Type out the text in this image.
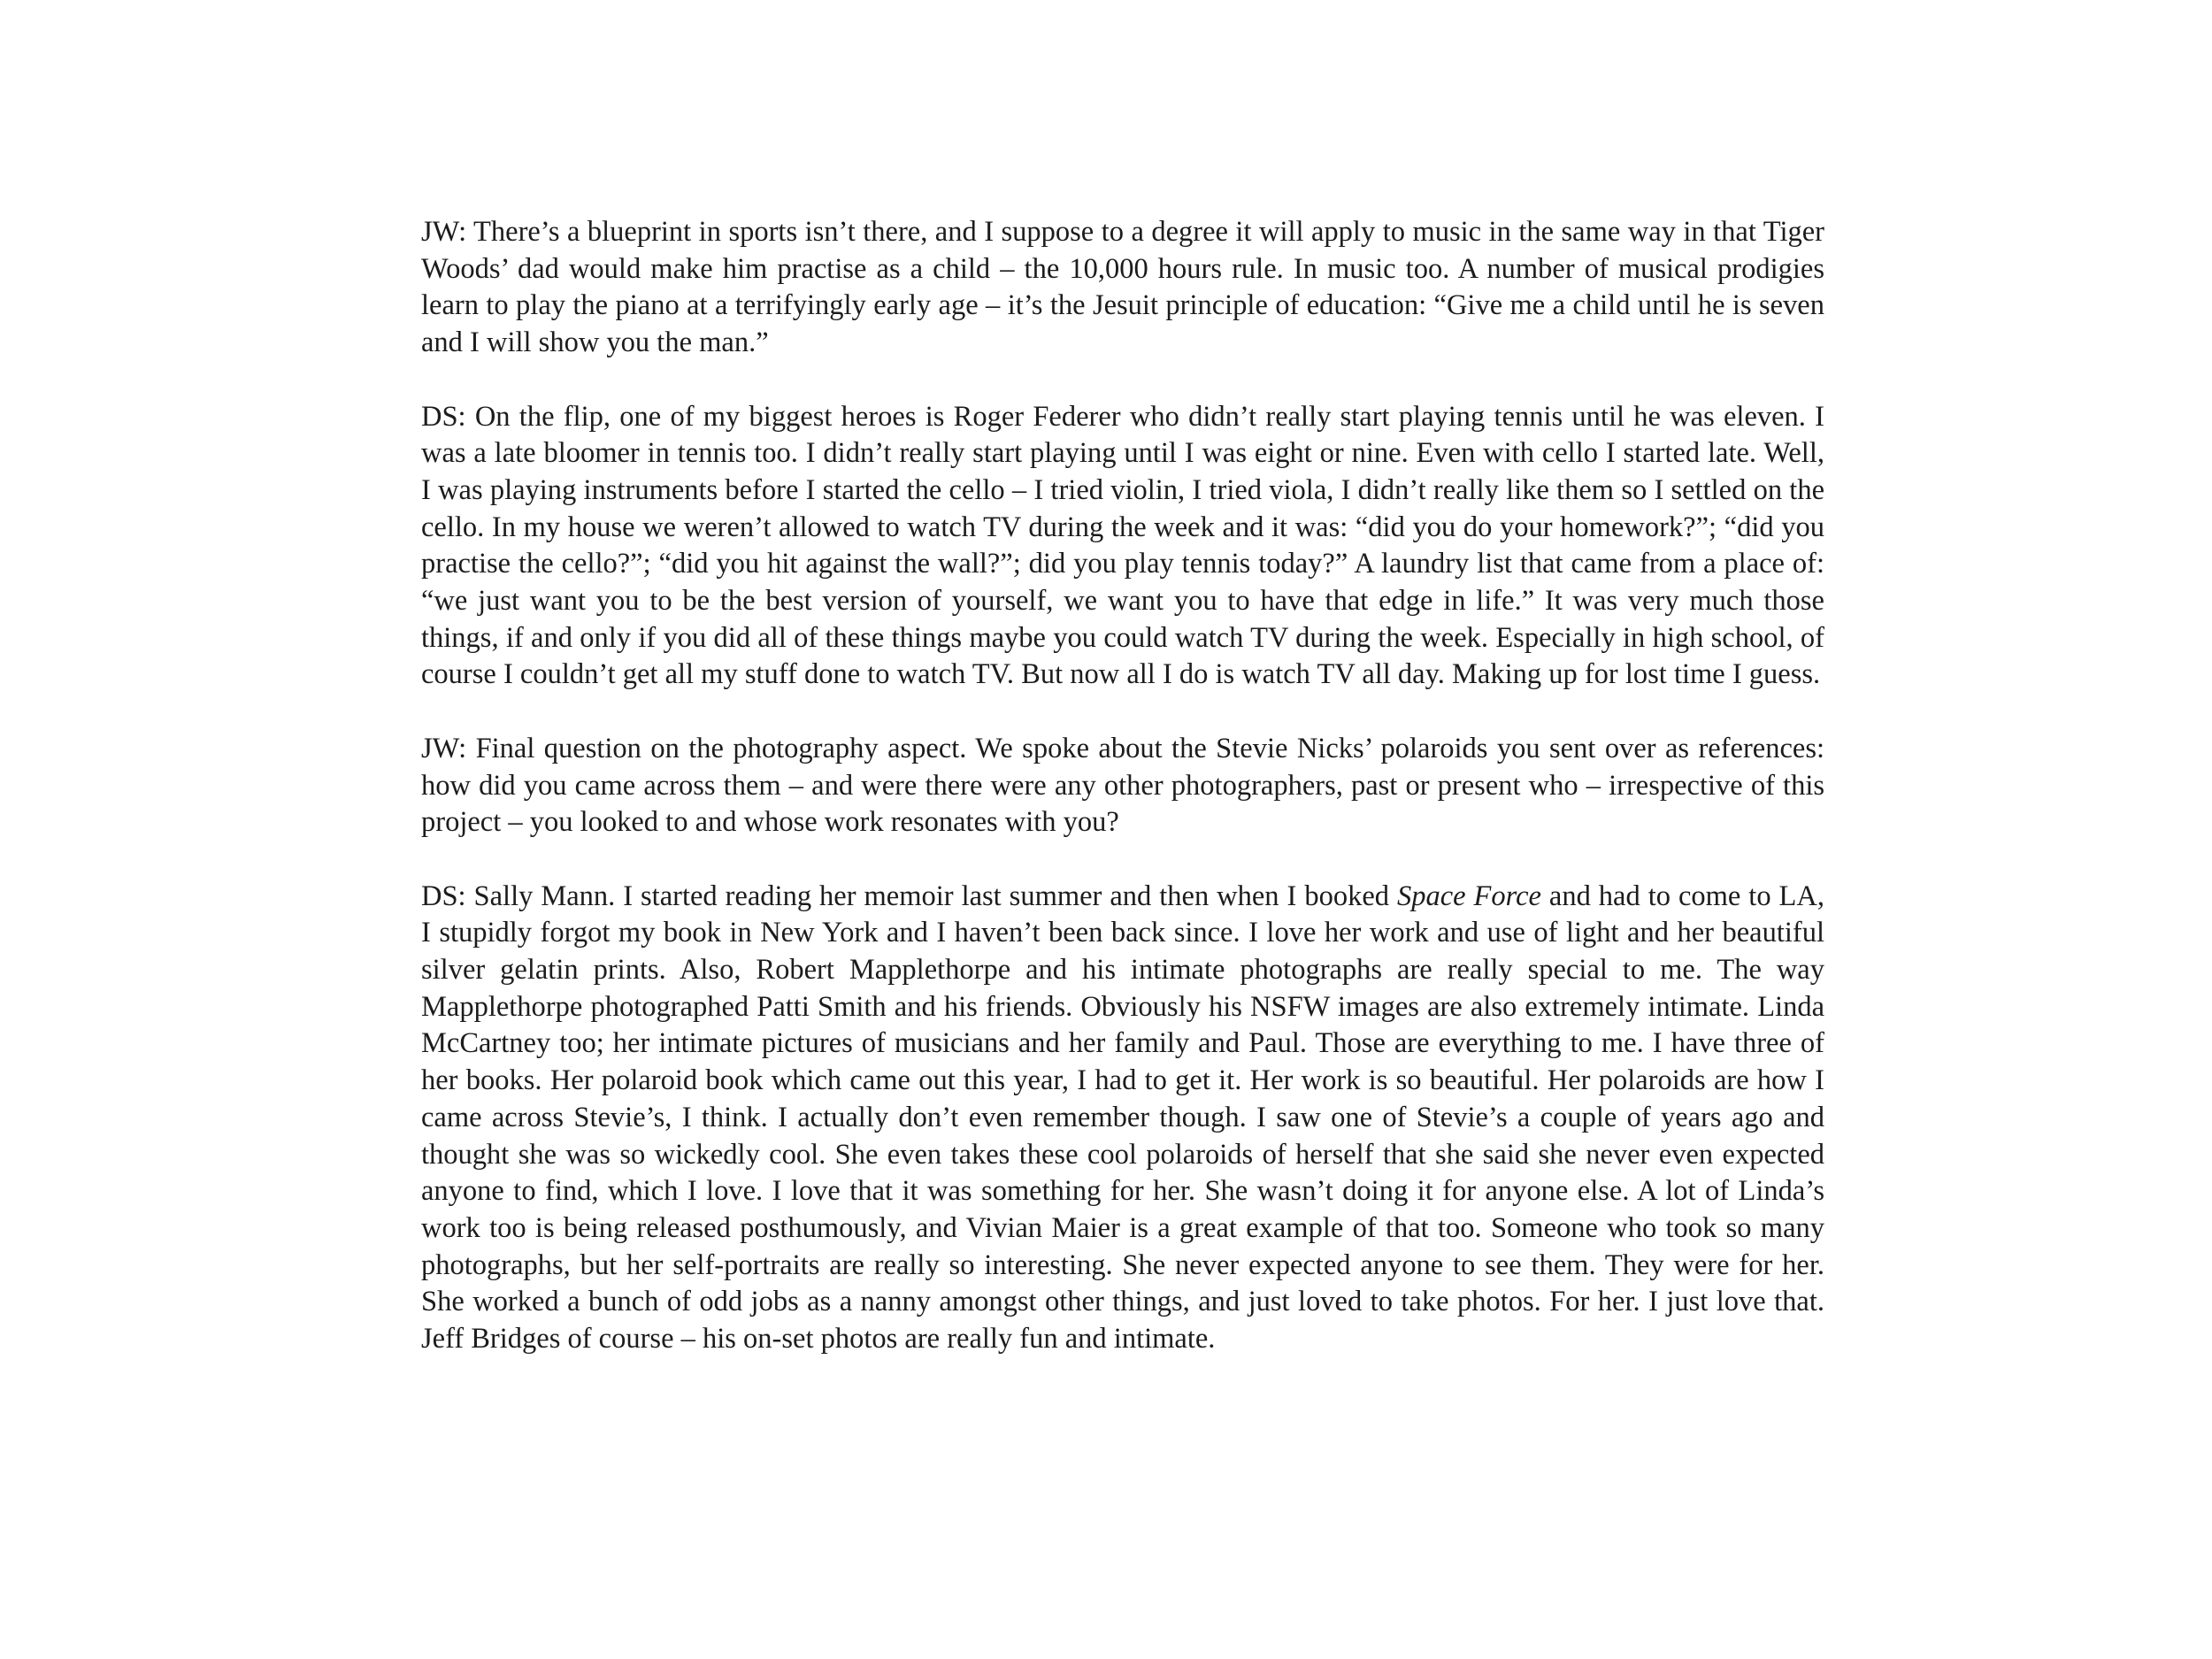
JW: There’s a blueprint in sports isn’t there, and I suppose to a degree it will apply to music in the same way in that Tiger Woods’ dad would make him practise as a child – the 10,000 hours rule. In music too. A number of musical prodigies learn to play the piano at a terrifyingly early age – it’s the Jesuit principle of education: “Give me a child until he is seven and I will show you the man.”

DS: On the flip, one of my biggest heroes is Roger Federer who didn’t really start playing tennis until he was eleven. I was a late bloomer in tennis too. I didn’t really start playing until I was eight or nine. Even with cello I started late. Well, I was playing instruments before I started the cello – I tried violin, I tried viola, I didn’t really like them so I settled on the cello. In my house we weren’t allowed to watch TV during the week and it was: “did you do your homework?”; “did you practise the cello?”; “did you hit against the wall?”; did you play tennis today?” A laundry list that came from a place of: “we just want you to be the best version of yourself, we want you to have that edge in life.” It was very much those things, if and only if you did all of these things maybe you could watch TV during the week. Especially in high school, of course I couldn’t get all my stuff done to watch TV. But now all I do is watch TV all day. Making up for lost time I guess.

JW: Final question on the photography aspect. We spoke about the Stevie Nicks’ polaroids you sent over as references: how did you came across them – and were there were any other photographers, past or present who – irrespective of this project – you looked to and whose work resonates with you?

DS: Sally Mann. I started reading her memoir last summer and then when I booked Space Force and had to come to LA, I stupidly forgot my book in New York and I haven’t been back since. I love her work and use of light and her beautiful silver gelatin prints. Also, Robert Mapplethorpe and his intimate photographs are really special to me. The way Mapplethorpe photographed Patti Smith and his friends. Obviously his NSFW images are also extremely intimate. Linda McCartney too; her intimate pictures of musicians and her family and Paul. Those are everything to me. I have three of her books. Her polaroid book which came out this year, I had to get it. Her work is so beautiful. Her polaroids are how I came across Stevie’s, I think. I actually don’t even remember though. I saw one of Stevie’s a couple of years ago and thought she was so wickedly cool. She even takes these cool polaroids of herself that she said she never even expected anyone to find, which I love. I love that it was something for her. She wasn’t doing it for anyone else. A lot of Linda’s work too is being released posthumously, and Vivian Maier is a great example of that too. Someone who took so many photographs, but her self-portraits are really so interesting. She never expected anyone to see them. They were for her. She worked a bunch of odd jobs as a nanny amongst other things, and just loved to take photos. For her. I just love that. Jeff Bridges of course – his on-set photos are really fun and intimate.
